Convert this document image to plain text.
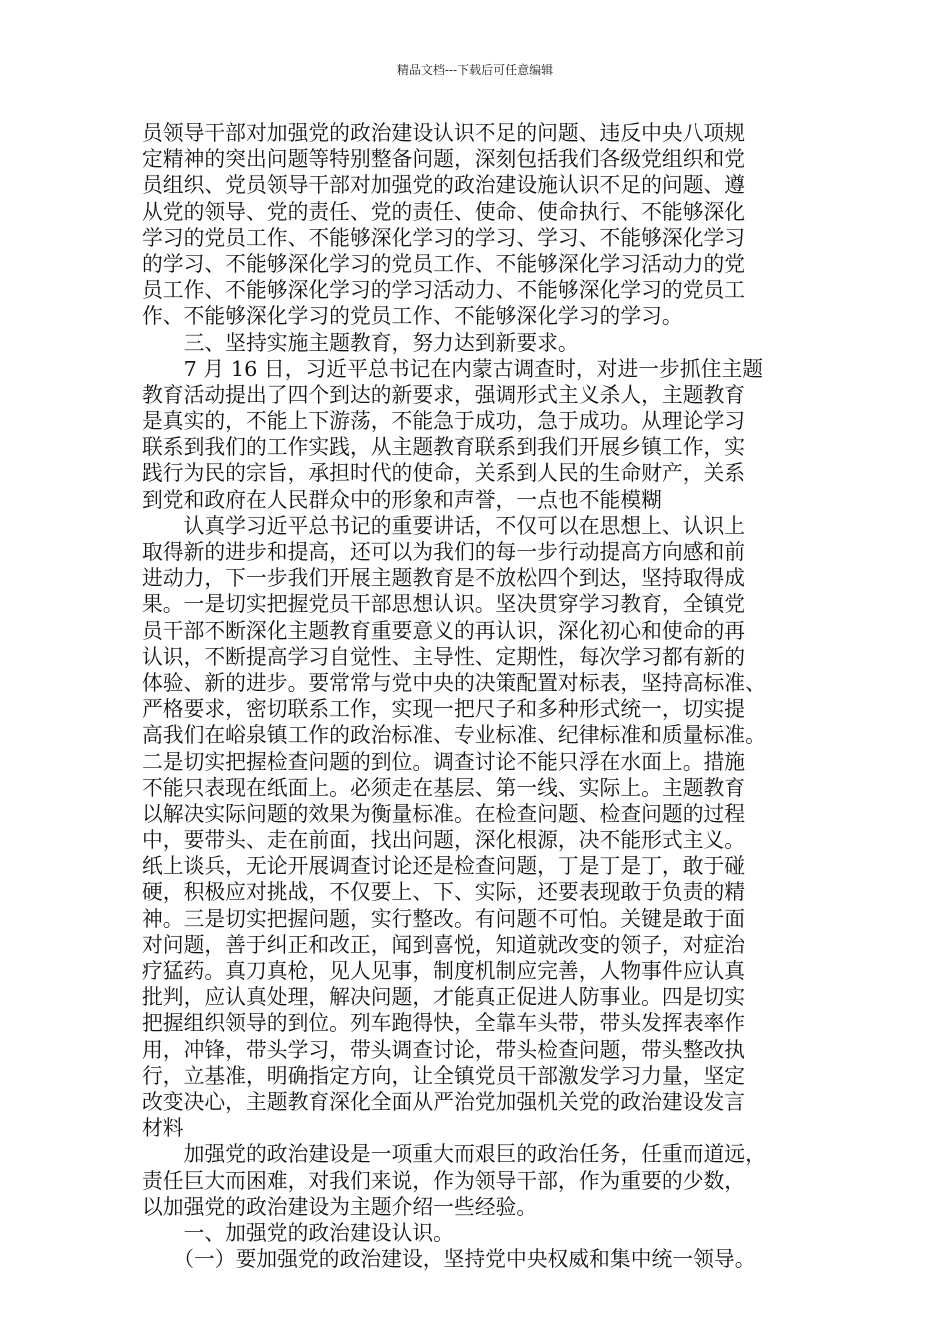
精品文档---下载后可任意编辑
员领导干部对加强党的政治建设认识不足的问题、违反中央八项规
定精神的突出问题等特别整备问题，深刻包括我们各级党组织和党
员组织、党员领导干部对加强党的政治建设施认识不足的问题、遵
从党的领导、党的责任、党的责任、使命、使命执行、不能够深化
学习的党员工作、不能够深化学习的学习、学习、不能够深化学习
的学习、不能够深化学习的党员工作、不能够深化学习活动力的党
员工作、不能够深化学习的学习活动力、不能够深化学习的党员工
作、不能够深化学习的党员工作、不能够深化学习的学习。
　　三、坚持实施主题教育，努力达到新要求。
　　7 月 16 日，习近平总书记在内蒙古调查时，对进一步抓住主题
教育活动提出了四个到达的新要求，强调形式主义杀人，主题教育
是真实的，不能上下游荡，不能急于成功，急于成功。从理论学习
联系到我们的工作实践，从主题教育联系到我们开展乡镇工作，实
践行为民的宗旨，承担时代的使命，关系到人民的生命财产，关系
到党和政府在人民群众中的形象和声誉，一点也不能模糊
　　认真学习近平总书记的重要讲话，不仅可以在思想上、认识上
取得新的进步和提高，还可以为我们的每一步行动提高方向感和前
进动力，下一步我们开展主题教育是不放松四个到达，坚持取得成
果。一是切实把握党员干部思想认识。坚决贯穿学习教育，全镇党
员干部不断深化主题教育重要意义的再认识，深化初心和使命的再
认识，不断提高学习自觉性、主导性、定期性，每次学习都有新的
体验、新的进步。要常常与党中央的决策配置对标表，坚持高标准、
严格要求，密切联系工作，实现一把尺子和多种形式统一，切实提
高我们在峪泉镇工作的政治标准、专业标准、纪律标准和质量标准。
二是切实把握检查问题的到位。调查讨论不能只浮在水面上。措施
不能只表现在纸面上。必须走在基层、第一线、实际上。主题教育
以解决实际问题的效果为衡量标准。在检查问题、检查问题的过程
中，要带头、走在前面，找出问题，深化根源，决不能形式主义。
纸上谈兵，无论开展调查讨论还是检查问题，丁是丁是丁，敢于碰
硬，积极应对挑战，不仅要上、下、实际，还要表现敢于负责的精
神。三是切实把握问题，实行整改。有问题不可怕。关键是敢于面
对问题，善于纠正和改正，闻到喜悦，知道就改变的领子，对症治
疗猛药。真刀真枪，见人见事，制度机制应完善，人物事件应认真
批判，应认真处理，解决问题，才能真正促进人防事业。四是切实
把握组织领导的到位。列车跑得快，全靠车头带，带头发挥表率作
用，冲锋，带头学习，带头调查讨论，带头检查问题，带头整改执
行，立基准，明确指定方向，让全镇党员干部激发学习力量，坚定
改变决心，主题教育深化全面从严治党加强机关党的政治建设发言
材料
　　加强党的政治建设是一项重大而艰巨的政治任务，任重而道远，
责任巨大而困难，对我们来说，作为领导干部，作为重要的少数，
以加强党的政治建设为主题介绍一些经验。
　　一、加强党的政治建设认识。
　　（一）要加强党的政治建设，坚持党中央权威和集中统一领导。
